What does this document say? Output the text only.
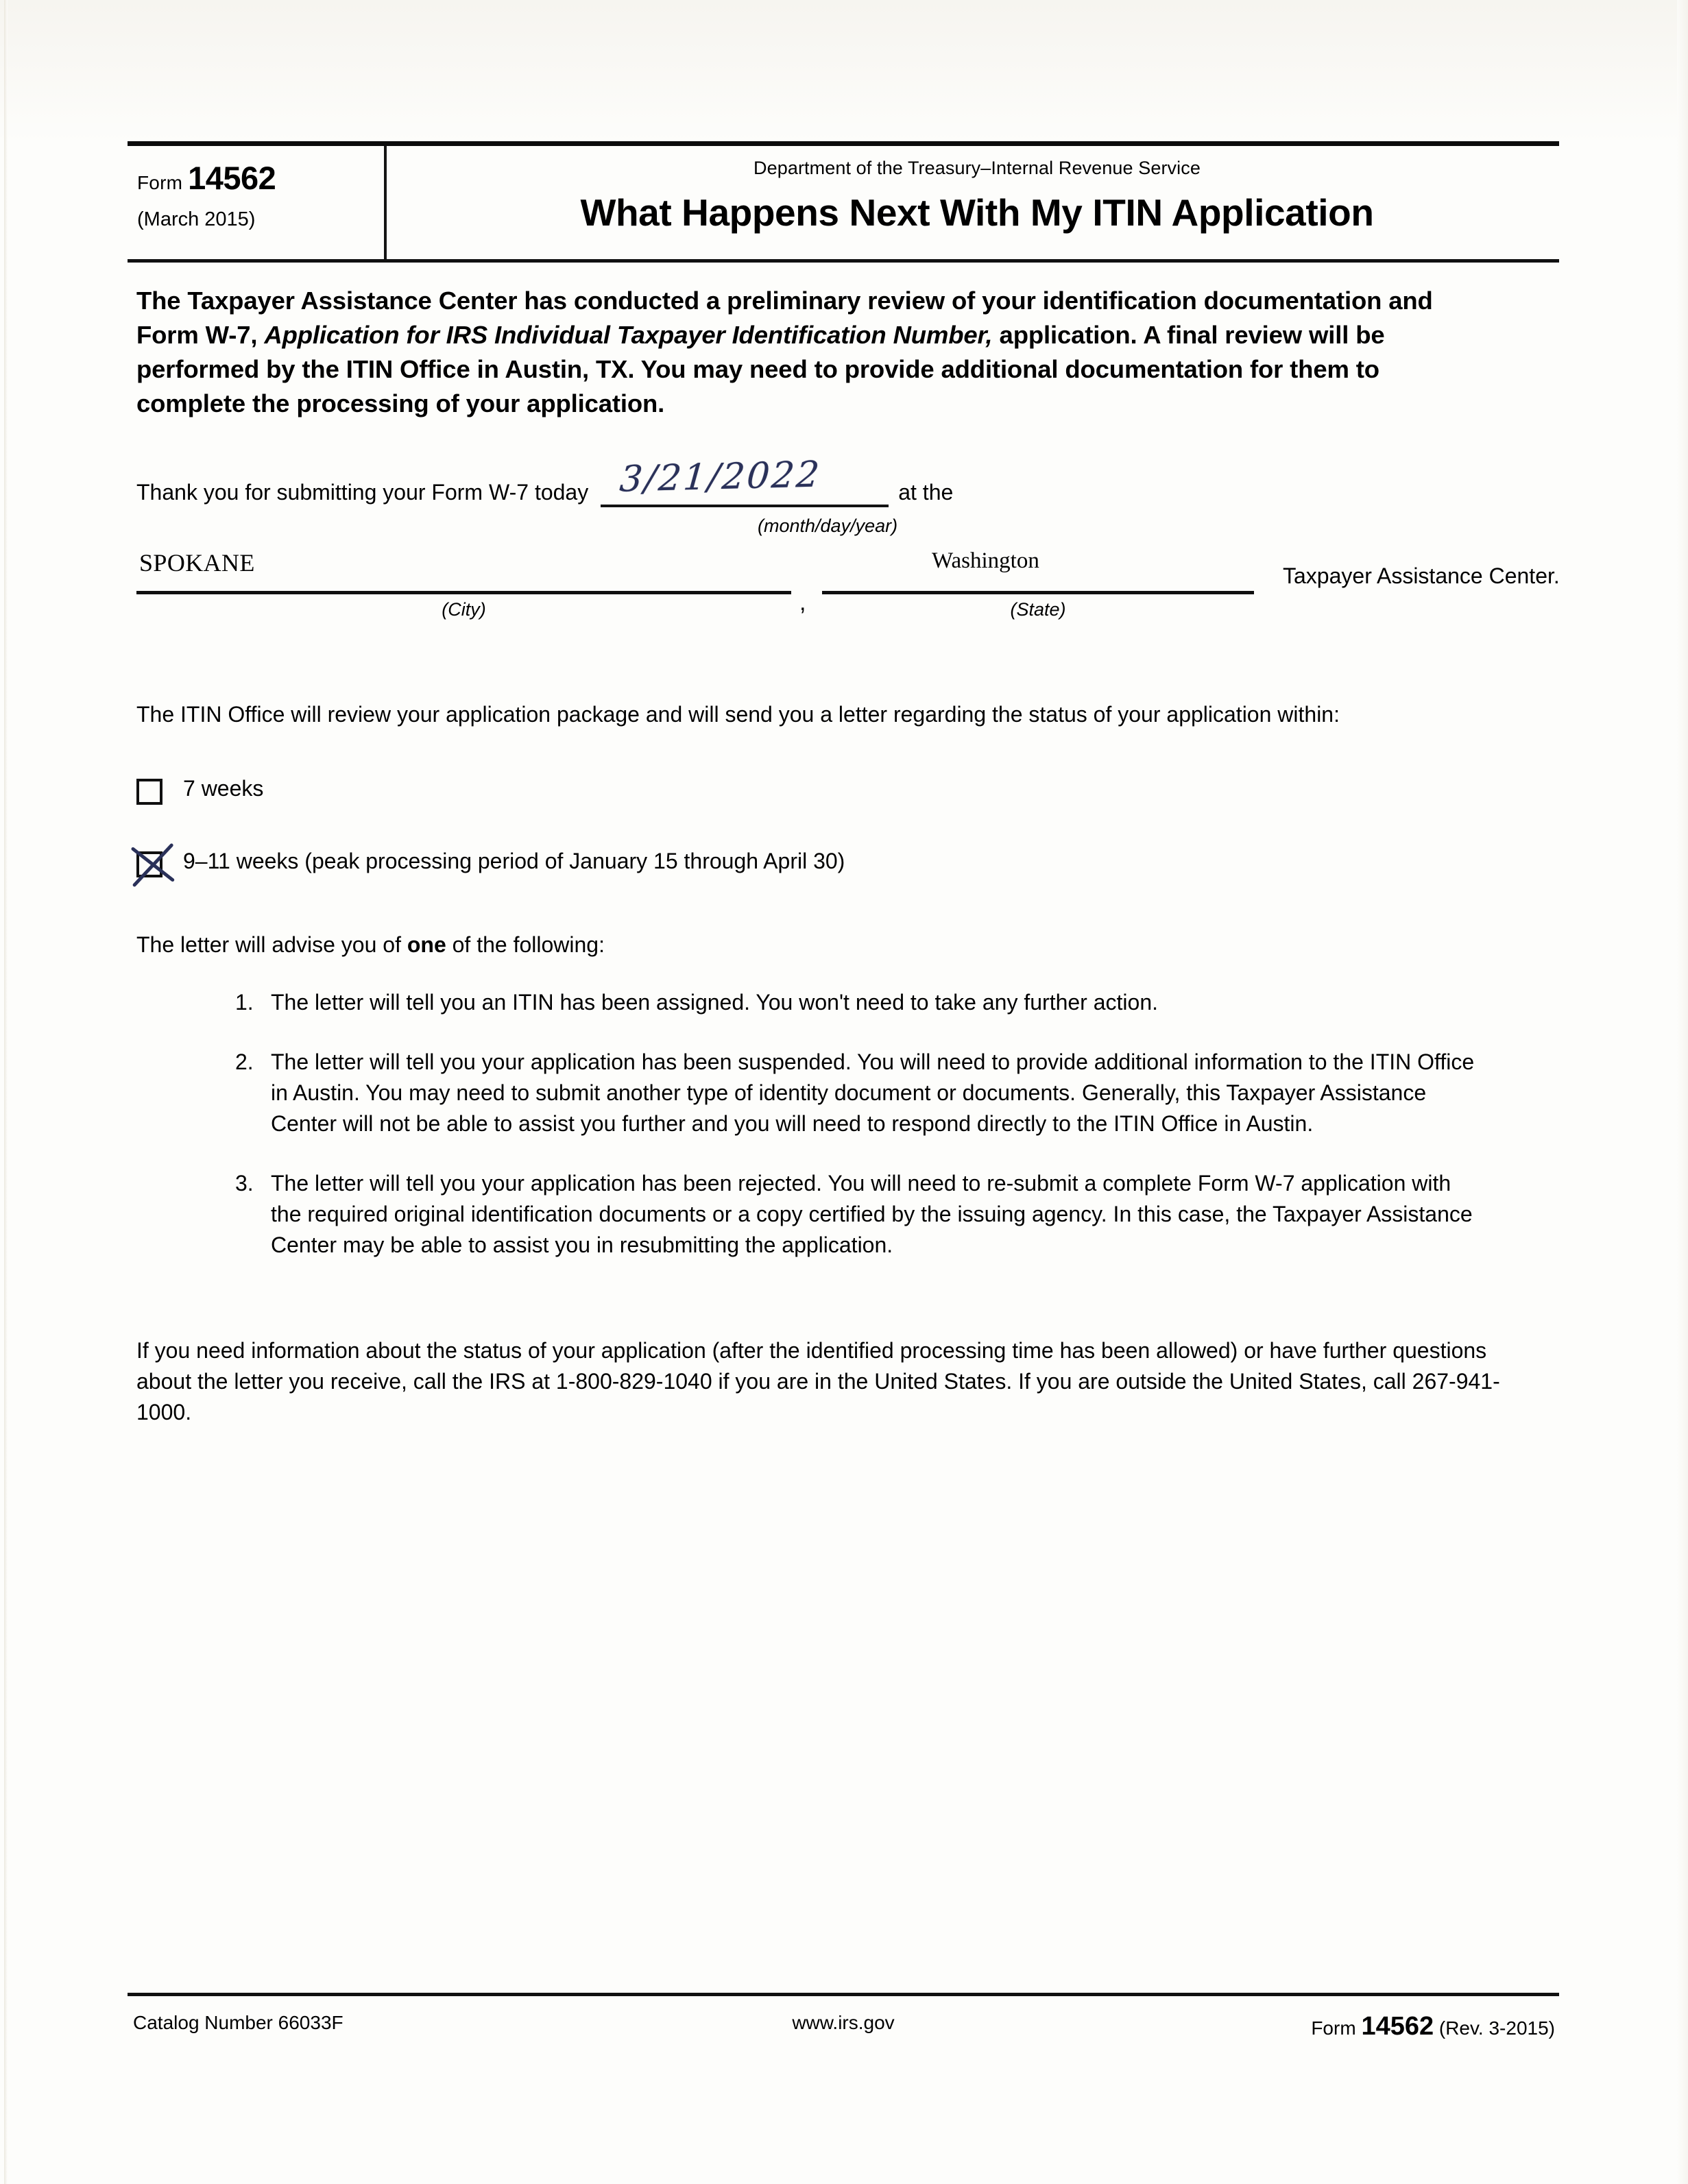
Form 14562
(March 2015)
Department of the Treasury–Internal Revenue Service
What Happens Next With My ITIN Application
The Taxpayer Assistance Center has conducted a preliminary review of your identification documentation and Form W-7, Application for IRS Individual Taxpayer Identification Number, application. A final review will be performed by the ITIN Office in Austin, TX. You may need to provide additional documentation for them to complete the processing of your application.
Thank you for submitting your Form W-7 today 3/21/2022	at the
(month/day/year)
SPOKANE
(City)	,
Washington
(State)
Taxpayer Assistance Center.
The ITIN Office will review your application package and will send you a letter regarding the status of your application within:
7 weeks
9–11 weeks (peak processing period of January 15 through April 30)
The letter will advise you of one of the following:
1. The letter will tell you an ITIN has been assigned. You won't need to take any further action.
2. The letter will tell you your application has been suspended. You will need to provide additional information to the ITIN Office in Austin. You may need to submit another type of identity document or documents. Generally, this Taxpayer Assistance Center will not be able to assist you further and you will need to respond directly to the ITIN Office in Austin.
3. The letter will tell you your application has been rejected. You will need to re-submit a complete Form W-7 application with the required original identification documents or a copy certified by the issuing agency. In this case, the Taxpayer Assistance Center may be able to assist you in resubmitting the application.
If you need information about the status of your application (after the identified processing time has been allowed) or have further questions about the letter you receive, call the IRS at 1-800-829-1040 if you are in the United States. If you are outside the United States, call 267-941-1000.
Catalog Number 66033F	www.irs.gov	Form 14562 (Rev. 3-2015)
